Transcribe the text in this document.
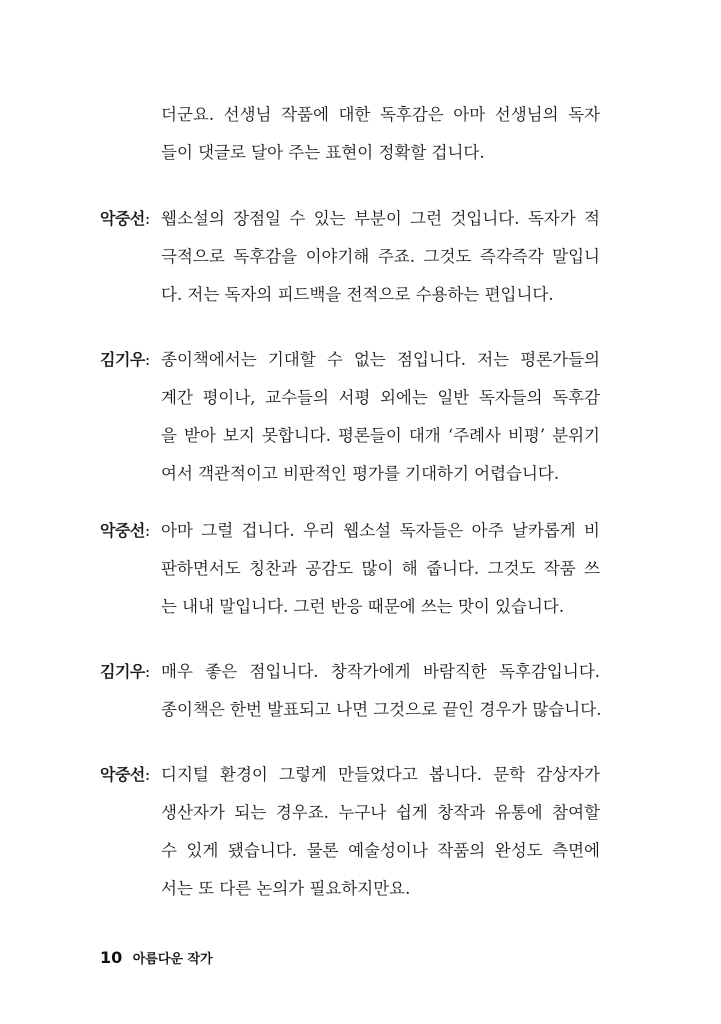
더군요. 선생님 작품에 대한 독후감은 아마 선생님의 독자
들이 댓글로 달아 주는 표현이 정확할 겁니다.
악중선: 웹소설의 장점일 수 있는 부분이 그런 것입니다. 독자가 적
극적으로 독후감을 이야기해 주죠. 그것도 즉각즉각 말입니
다. 저는 독자의 피드백을 전적으로 수용하는 편입니다.
김기우: 종이책에서는 기대할 수 없는 점입니다. 저는 평론가들의
계간 평이나, 교수들의 서평 외에는 일반 독자들의 독후감
을 받아 보지 못합니다. 평론들이 대개 ‘주례사 비평’ 분위기
여서 객관적이고 비판적인 평가를 기대하기 어렵습니다.
악중선: 아마 그럴 겁니다. 우리 웹소설 독자들은 아주 날카롭게 비
판하면서도 칭찬과 공감도 많이 해 줍니다. 그것도 작품 쓰
는 내내 말입니다. 그런 반응 때문에 쓰는 맛이 있습니다.
김기우: 매우 좋은 점입니다. 창작가에게 바람직한 독후감입니다.
종이책은 한번 발표되고 나면 그것으로 끝인 경우가 많습니다.
악중선: 디지털 환경이 그렇게 만들었다고 봅니다. 문학 감상자가
생산자가 되는 경우죠. 누구나 쉽게 창작과 유통에 참여할
수 있게 됐습니다. 물론 예술성이나 작품의 완성도 측면에
서는 또 다른 논의가 필요하지만요.
10 아름다운 작가
